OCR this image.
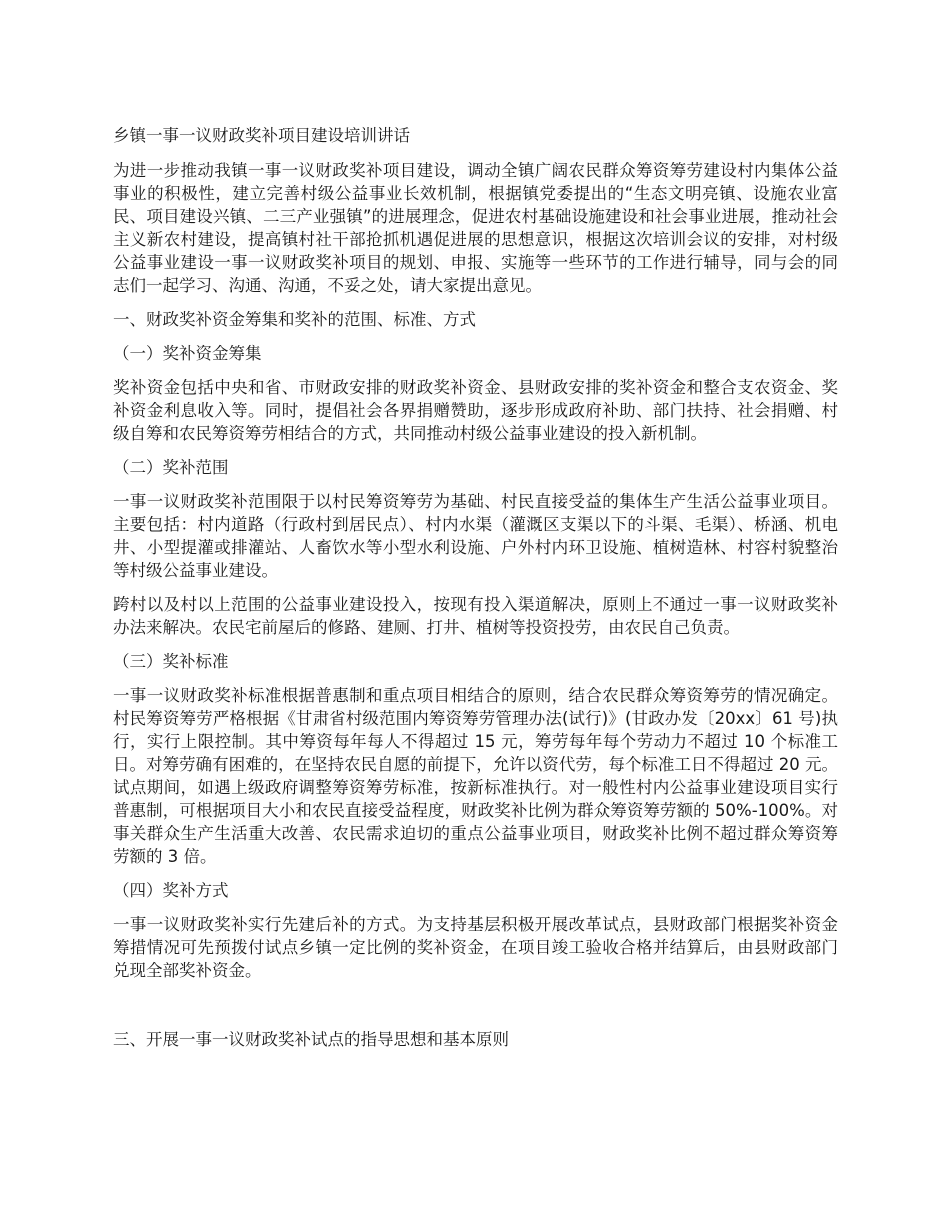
乡镇一事一议财政奖补项目建设培训讲话

为进一步推动我镇一事一议财政奖补项目建设，调动全镇广阔农民群众筹资筹劳建设村内集体公益事业的积极性，建立完善村级公益事业长效机制，根据镇党委提出的“生态文明亮镇、设施农业富民、项目建设兴镇、二三产业强镇”的进展理念，促进农村基础设施建设和社会事业进展，推动社会主义新农村建设，提高镇村社干部抢抓机遇促进展的思想意识，根据这次培训会议的安排，对村级公益事业建设一事一议财政奖补项目的规划、申报、实施等一些环节的工作进行辅导，同与会的同志们一起学习、沟通、沟通，不妥之处，请大家提出意见。

一、财政奖补资金筹集和奖补的范围、标准、方式

（一）奖补资金筹集

奖补资金包括中央和省、市财政安排的财政奖补资金、县财政安排的奖补资金和整合支农资金、奖补资金利息收入等。同时，提倡社会各界捐赠赞助，逐步形成政府补助、部门扶持、社会捐赠、村级自筹和农民筹资筹劳相结合的方式，共同推动村级公益事业建设的投入新机制。

（二）奖补范围

一事一议财政奖补范围限于以村民筹资筹劳为基础、村民直接受益的集体生产生活公益事业项目。主要包括：村内道路（行政村到居民点）、村内水渠（灌溉区支渠以下的斗渠、毛渠）、桥涵、机电井、小型提灌或排灌站、人畜饮水等小型水利设施、户外村内环卫设施、植树造林、村容村貌整治等村级公益事业建设。

跨村以及村以上范围的公益事业建设投入，按现有投入渠道解决，原则上不通过一事一议财政奖补办法来解决。农民宅前屋后的修路、建厕、打井、植树等投资投劳，由农民自己负责。

（三）奖补标准

一事一议财政奖补标准根据普惠制和重点项目相结合的原则，结合农民群众筹资筹劳的情况确定。村民筹资筹劳严格根据《甘肃省村级范围内筹资筹劳管理办法(试行)》(甘政办发〔20xx〕61 号)执行，实行上限控制。其中筹资每年每人不得超过 15 元，筹劳每年每个劳动力不超过 10 个标准工日。对筹劳确有困难的，在坚持农民自愿的前提下，允许以资代劳，每个标准工日不得超过 20 元。试点期间，如遇上级政府调整筹资筹劳标准，按新标准执行。对一般性村内公益事业建设项目实行普惠制，可根据项目大小和农民直接受益程度，财政奖补比例为群众筹资筹劳额的 50%-100%。对事关群众生产生活重大改善、农民需求迫切的重点公益事业项目，财政奖补比例不超过群众筹资筹劳额的 3 倍。

（四）奖补方式

一事一议财政奖补实行先建后补的方式。为支持基层积极开展改革试点，县财政部门根据奖补资金筹措情况可先预拨付试点乡镇一定比例的奖补资金，在项目竣工验收合格并结算后，由县财政部门兑现全部奖补资金。

三、开展一事一议财政奖补试点的指导思想和基本原则
